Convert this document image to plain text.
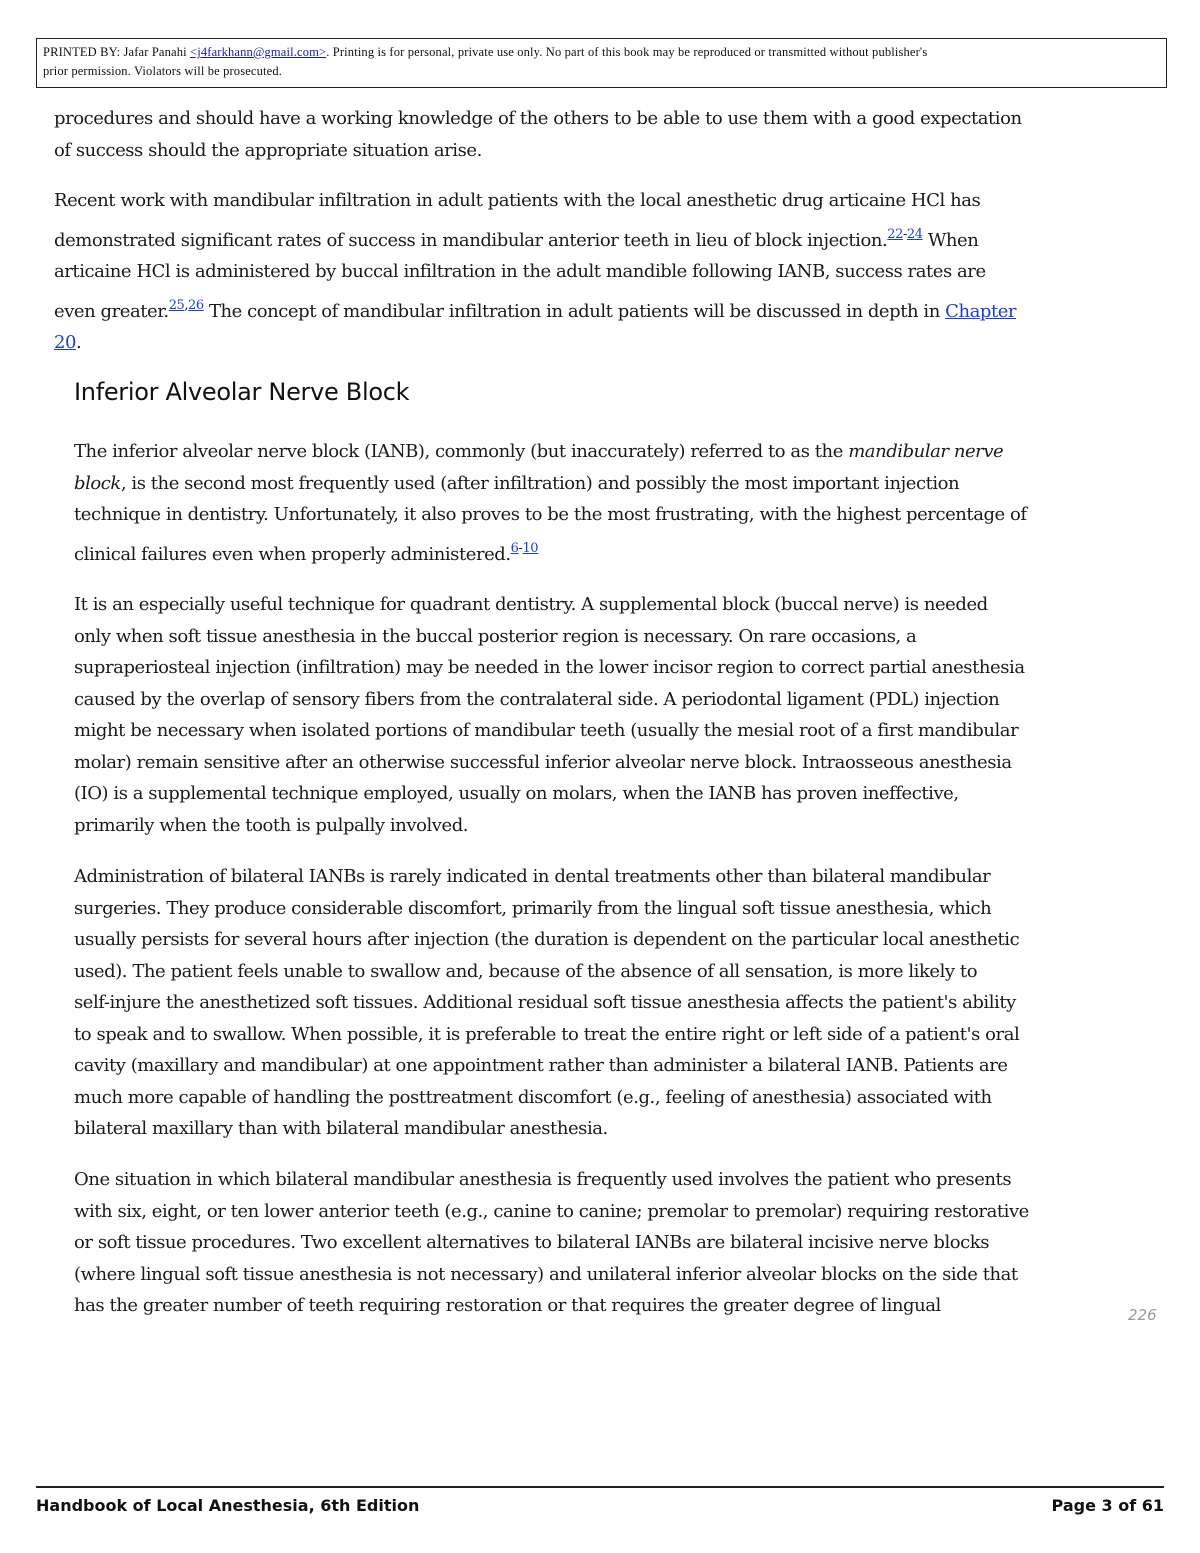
PRINTED BY: Jafar Panahi <j4farkhann@gmail.com>. Printing is for personal, private use only. No part of this book may be reproduced or transmitted without publisher's
prior permission. Violators will be prosecuted.

procedures and should have a working knowledge of the others to be able to use them with a good expectation
of success should the appropriate situation arise.

Recent work with mandibular infiltration in adult patients with the local anesthetic drug articaine HCl has
demonstrated significant rates of success in mandibular anterior teeth in lieu of block injection.$^{22-24}$ When
articaine HCl is administered by buccal infiltration in the adult mandible following IANB, success rates are
even greater.$^{25,26}$ The concept of mandibular infiltration in adult patients will be discussed in depth in Chapter
20.

Inferior Alveolar Nerve Block

The inferior alveolar nerve block (IANB), commonly (but inaccurately) referred to as the mandibular nerve
block, is the second most frequently used (after infiltration) and possibly the most important injection
technique in dentistry. Unfortunately, it also proves to be the most frustrating, with the highest percentage of
clinical failures even when properly administered.$^{6-10}$

It is an especially useful technique for quadrant dentistry. A supplemental block (buccal nerve) is needed
only when soft tissue anesthesia in the buccal posterior region is necessary. On rare occasions, a
supraperiosteal injection (infiltration) may be needed in the lower incisor region to correct partial anesthesia
caused by the overlap of sensory fibers from the contralateral side. A periodontal ligament (PDL) injection
might be necessary when isolated portions of mandibular teeth (usually the mesial root of a first mandibular
molar) remain sensitive after an otherwise successful inferior alveolar nerve block. Intraosseous anesthesia
(IO) is a supplemental technique employed, usually on molars, when the IANB has proven ineffective,
primarily when the tooth is pulpally involved.

Administration of bilateral IANBs is rarely indicated in dental treatments other than bilateral mandibular
surgeries. They produce considerable discomfort, primarily from the lingual soft tissue anesthesia, which
usually persists for several hours after injection (the duration is dependent on the particular local anesthetic
used). The patient feels unable to swallow and, because of the absence of all sensation, is more likely to
self-injure the anesthetized soft tissues. Additional residual soft tissue anesthesia affects the patient's ability
to speak and to swallow. When possible, it is preferable to treat the entire right or left side of a patient's oral
cavity (maxillary and mandibular) at one appointment rather than administer a bilateral IANB. Patients are
much more capable of handling the posttreatment discomfort (e.g., feeling of anesthesia) associated with
bilateral maxillary than with bilateral mandibular anesthesia.

One situation in which bilateral mandibular anesthesia is frequently used involves the patient who presents
with six, eight, or ten lower anterior teeth (e.g., canine to canine; premolar to premolar) requiring restorative
or soft tissue procedures. Two excellent alternatives to bilateral IANBs are bilateral incisive nerve blocks
(where lingual soft tissue anesthesia is not necessary) and unilateral inferior alveolar blocks on the side that
has the greater number of teeth requiring restoration or that requires the greater degree of lingual	226
Handbook of Local Anesthesia, 6th Edition	Page 3 of 61
